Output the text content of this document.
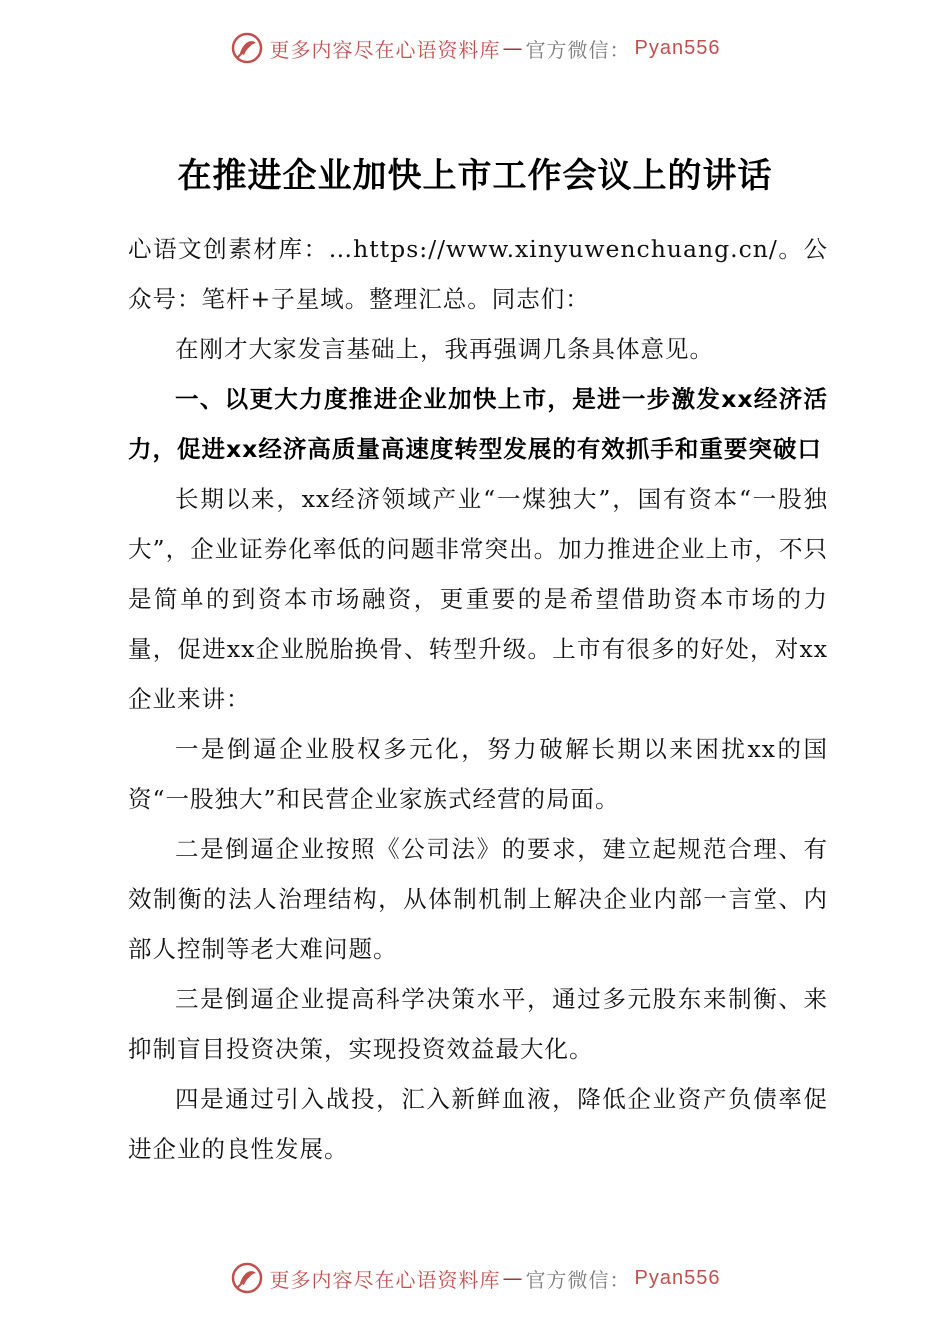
更多内容尽在心语资料库 — 官方微信： Pyan556
在推进企业加快上市工作会议上的讲话

心语文创素材库：…https://www.xinyuwenchuang.cn/。公众号：笔杆+子星域。整理汇总。同志们：

在刚才大家发言基础上，我再强调几条具体意见。

一、以更大力度推进企业加快上市，是进一步激发xx经济活力，促进xx经济高质量高速度转型发展的有效抓手和重要突破口

长期以来，xx经济领域产业“一煤独大”，国有资本“一股独大”，企业证券化率低的问题非常突出。加力推进企业上市，不只是简单的到资本市场融资，更重要的是希望借助资本市场的力量，促进xx企业脱胎换骨、转型升级。上市有很多的好处，对xx企业来讲：

一是倒逼企业股权多元化，努力破解长期以来困扰xx的国资“一股独大”和民营企业家族式经营的局面。

二是倒逼企业按照《公司法》的要求，建立起规范合理、有效制衡的法人治理结构，从体制机制上解决企业内部一言堂、内部人控制等老大难问题。

三是倒逼企业提高科学决策水平，通过多元股东来制衡、来抑制盲目投资决策，实现投资效益最大化。

四是通过引入战投，汇入新鲜血液，降低企业资产负债率促进企业的良性发展。

更多内容尽在心语资料库 — 官方微信： Pyan556
